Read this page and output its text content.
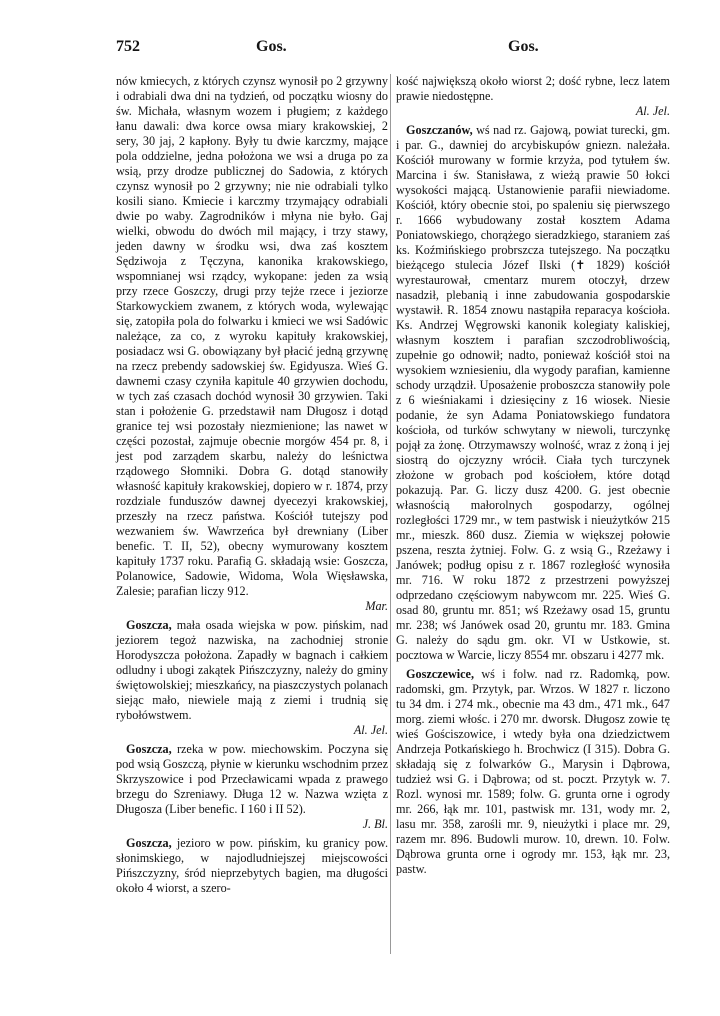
752	Gos.	Gos.

nów kmiecych, z których czynsz wynosił po 2 grzywny i odrabiali dwa dni na tydzień, od początku wiosny do św. Michała, własnym wozem i pługiem; z każdego łanu dawali: dwa korce owsa miary krakowskiej, 2 sery, 30 jaj, 2 kapłony. Były tu dwie karczmy, mające pola oddzielne, jedna położona we wsi a druga po za wsią, przy drodze publicznej do Sadowia, z których czynsz wynosił po 2 grzywny; nie nie odrabiali tylko kosili siano. Kmiecie i karczmy trzymający odrabiali dwie po waby. Zagrodników i młyna nie było. Gaj wielki, obwodu do dwóch mil mający, i trzy stawy, jeden dawny w środku wsi, dwa zaś kosztem Sędziwoja z Tęczyna, kanonika krakowskiego, wspomnianej wsi rządcy, wykopane: jeden za wsią przy rzece Goszczy, drugi przy tejże rzece i jeziorze Starkowyckiem zwanem, z których woda, wylewając się, zatopiła pola do folwarku i kmieci we wsi Sadówic należące, za co, z wyroku kapituły krakowskiej, posiadacz wsi G. obowiązany był płacić jedną grzywnę na rzecz prebendy sadowskiej św. Egidyusza. Wieś G. dawnemi czasy czyniła kapitule 40 grzywien dochodu, w tych zaś czasach dochód wynosił 30 grzywien. Taki stan i położenie G. przedstawił nam Długosz i dotąd granice tej wsi pozostały niezmienione; las nawet w części pozostał, zajmuje obecnie morgów 454 pr. 8, i jest pod zarządem skarbu, należy do leśnictwa rządowego Słomniki. Dobra G. dotąd stanowiły własność kapituły krakowskiej, dopiero w r. 1874, przy rozdziale funduszów dawnej dyecezyi krakowskiej, przeszły na rzecz państwa. Kościół tutejszy pod wezwaniem św. Wawrzeńca był drewniany (Liber benefic. T. II, 52), obecny wymurowany kosztem kapituły 1737 roku. Parafią G. składają wsie: Goszcza, Polanowice, Sadowie, Widoma, Wola Więsławska, Zalesie; parafian liczy 912.
Mar.

Goszcza, mała osada wiejska w pow. pińskim, nad jeziorem tegoż nazwiska, na zachodniej stronie Horodyszcza położona. Zapadły w bagnach i całkiem odludny i ubogi zakątek Pińszczyzny, należy do gminy świętowolskiej; mieszkańcy, na piaszczystych polanach siejąc mało, niewiele mają z ziemi i trudnią się rybołówstwem.
Al. Jel.

Goszcza, rzeka w pow. miechowskim. Poczyna się pod wsią Goszczą, płynie w kierunku wschodnim przez Skrzyszowice i pod Przecławicami wpada z prawego brzegu do Szreniawy. Długa 12 w. Nazwa wzięta z Długosza (Liber benefic. I 160 i II 52).
J. Bl.

Goszcza, jezioro w pow. pińskim, ku granicy pow. słonimskiego, w najodludniejszej miejscowości Pińszczyzny, śród nieprzebytych bagien, ma długości około 4 wiorst, a szero-

kość największą około wiorst 2; dość rybne, lecz latem prawie niedostępne.
Al. Jel.

Goszczanów, wś nad rz. Gajową, powiat turecki, gm. i par. G., dawniej do arcybiskupów gniezn. należała. Kościół murowany w formie krzyża, pod tytułem św. Marcina i św. Stanisława, z wieżą prawie 50 łokci wysokości mającą. Ustanowienie parafii niewiadome. Kościół, który obecnie stoi, po spaleniu się pierwszego r. 1666 wybudowany został kosztem Adama Poniatowskiego, chorążego sieradzkiego, staraniem zaś ks. Koźmińskiego probrszcza tutejszego. Na początku bieżącego stulecia Józef Ilski (✝ 1829) kościół wyrestaurował, cmentarz murem otoczył, drzew nasadził, plebanią i inne zabudowania gospodarskie wystawił. R. 1854 znowu nastąpiła reparacya kościoła. Ks. Andrzej Węgrowski kanonik kolegiaty kaliskiej, własnym kosztem i parafian szczodrobliwością, zupełnie go odnowił; nadto, ponieważ kościół stoi na wysokiem wzniesieniu, dla wygody parafian, kamienne schody urządził. Uposażenie proboszcza stanowiły pole z 6 wieśniakami i dziesięciny z 16 wiosek. Niesie podanie, że syn Adama Poniatowskiego fundatora kościoła, od turków schwytany w niewoli, turczynkę pojął za żonę. Otrzymawszy wolność, wraz z żoną i jej siostrą do ojczyzny wrócił. Ciała tych turczynek złożone w grobach pod kościołem, które dotąd pokazują. Par. G. liczy dusz 4200. G. jest obecnie własnością małorolnych gospodarzy, ogólnej rozległości 1729 mr., w tem pastwisk i nieużytków 215 mr., mieszk. 860 dusz. Ziemia w większej połowie pszena, reszta żytniej. Folw. G. z wsią G., Rzeżawy i Janówek; podług opisu z r. 1867 rozległość wynosiła mr. 716. W roku 1872 z przestrzeni powyższej odprzedano częściowym nabywcom mr. 225. Wieś G. osad 80, gruntu mr. 851; wś Rzeżawy osad 15, gruntu mr. 238; wś Janówek osad 20, gruntu mr. 183. Gmina G. należy do sądu gm. okr. VI w Ustkowie, st. pocztowa w Warcie, liczy 8554 mr. obszaru i 4277 mk.

Goszczewice, wś i folw. nad rz. Radomką, pow. radomski, gm. Przytyk, par. Wrzos. W 1827 r. liczono tu 34 dm. i 274 mk., obecnie ma 43 dm., 471 mk., 647 morg. ziemi włośc. i 270 mr. dworsk. Długosz zowie tę wieś Gościszowice, i wtedy była ona dziedzictwem Andrzeja Potkańskiego h. Brochwicz (I 315). Dobra G. składają się z folwarków G., Marysin i Dąbrowa, tudzież wsi G. i Dąbrowa; od st. poczt. Przytyk w. 7. Rozl. wynosi mr. 1589; folw. G. grunta orne i ogrody mr. 266, łąk mr. 101, pastwisk mr. 131, wody mr. 2, lasu mr. 358, zarośli mr. 9, nieużytki i place mr. 29, razem mr. 896. Budowli murow. 10, drewn. 10. Folw. Dąbrowa grunta orne i ogrody mr. 153, łąk mr. 23, pastw.
